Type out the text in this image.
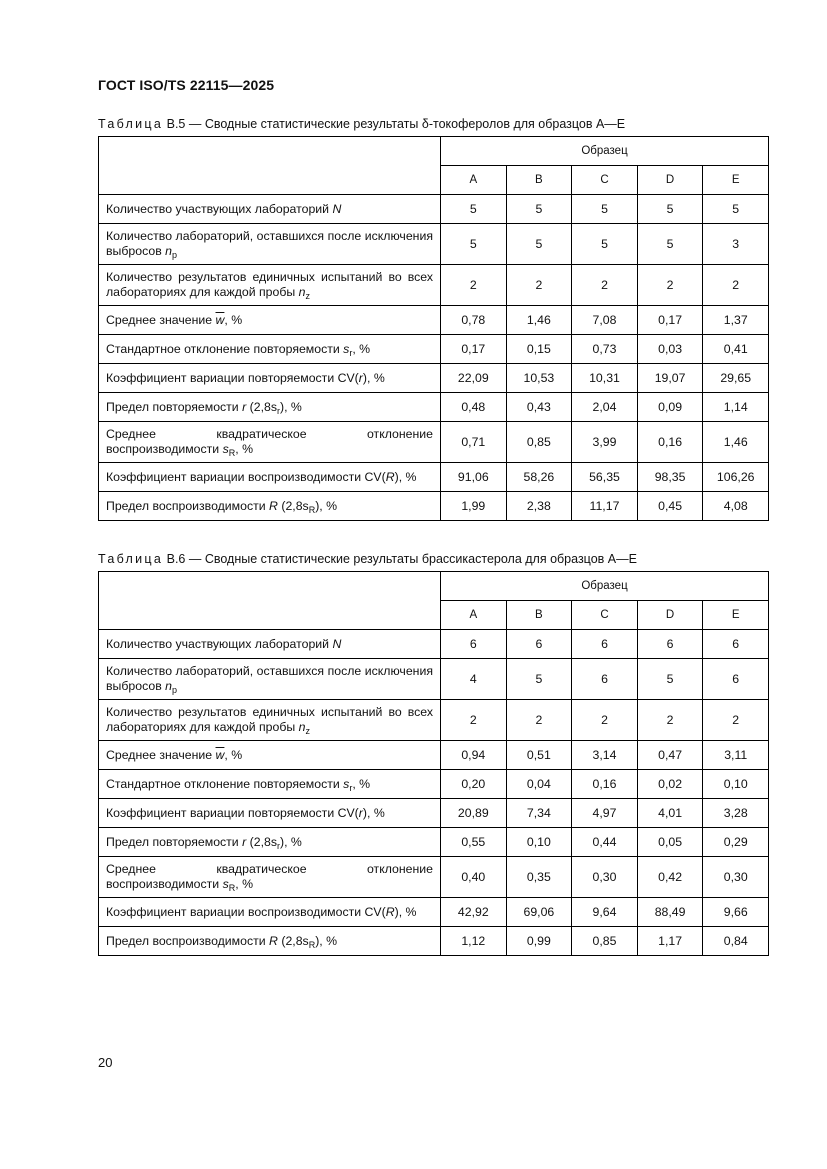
ГОСТ ISO/TS 22115—2025
Таблица B.5 — Сводные статистические результаты δ-токоферолов для образцов A—E
	Образец				
	A	B	C	D	E
Количество участвующих лабораторий N	5	5	5	5	5
Количество лабораторий, оставшихся после исключения выбросов $n_p$	5	5	5	5	3
Количество результатов единичных испытаний во всех лабораториях для каждой пробы $n_z$	2	2	2	2	2
Среднее значение $\overline{w}$, %	0,78	1,46	7,08	0,17	1,37
Стандартное отклонение повторяемости $s_r$, %	0,17	0,15	0,73	0,03	0,41
Коэффициент вариации повторяемости CV(r), %	22,09	10,53	10,31	19,07	29,65
Предел повторяемости r $(2,8s_r)$, %	0,48	0,43	2,04	0,09	1,14
Среднее квадратическое отклонение воспроизводимости $s_R$, %	0,71	0,85	3,99	0,16	1,46
Коэффициент вариации воспроизводимости CV(R), %	91,06	58,26	56,35	98,35	106,26
Предел воспроизводимости R $(2,8s_R)$, %	1,99	2,38	11,17	0,45	4,08
Таблица B.6 — Сводные статистические результаты брассикастерола для образцов A—E
	Образец				
	A	B	C	D	E
Количество участвующих лабораторий N	6	6	6	6	6
Количество лабораторий, оставшихся после исключения выбросов $n_p$	4	5	6	5	6
Количество результатов единичных испытаний во всех лабораториях для каждой пробы $n_z$	2	2	2	2	2
Среднее значение $\overline{w}$, %	0,94	0,51	3,14	0,47	3,11
Стандартное отклонение повторяемости $s_r$, %	0,20	0,04	0,16	0,02	0,10
Коэффициент вариации повторяемости CV(r), %	20,89	7,34	4,97	4,01	3,28
Предел повторяемости r $(2,8s_r)$, %	0,55	0,10	0,44	0,05	0,29
Среднее квадратическое отклонение воспроизводимости $s_R$, %	0,40	0,35	0,30	0,42	0,30
Коэффициент вариации воспроизводимости CV(R), %	42,92	69,06	9,64	88,49	9,66
Предел воспроизводимости R $(2,8s_R)$, %	1,12	0,99	0,85	1,17	0,84
20
